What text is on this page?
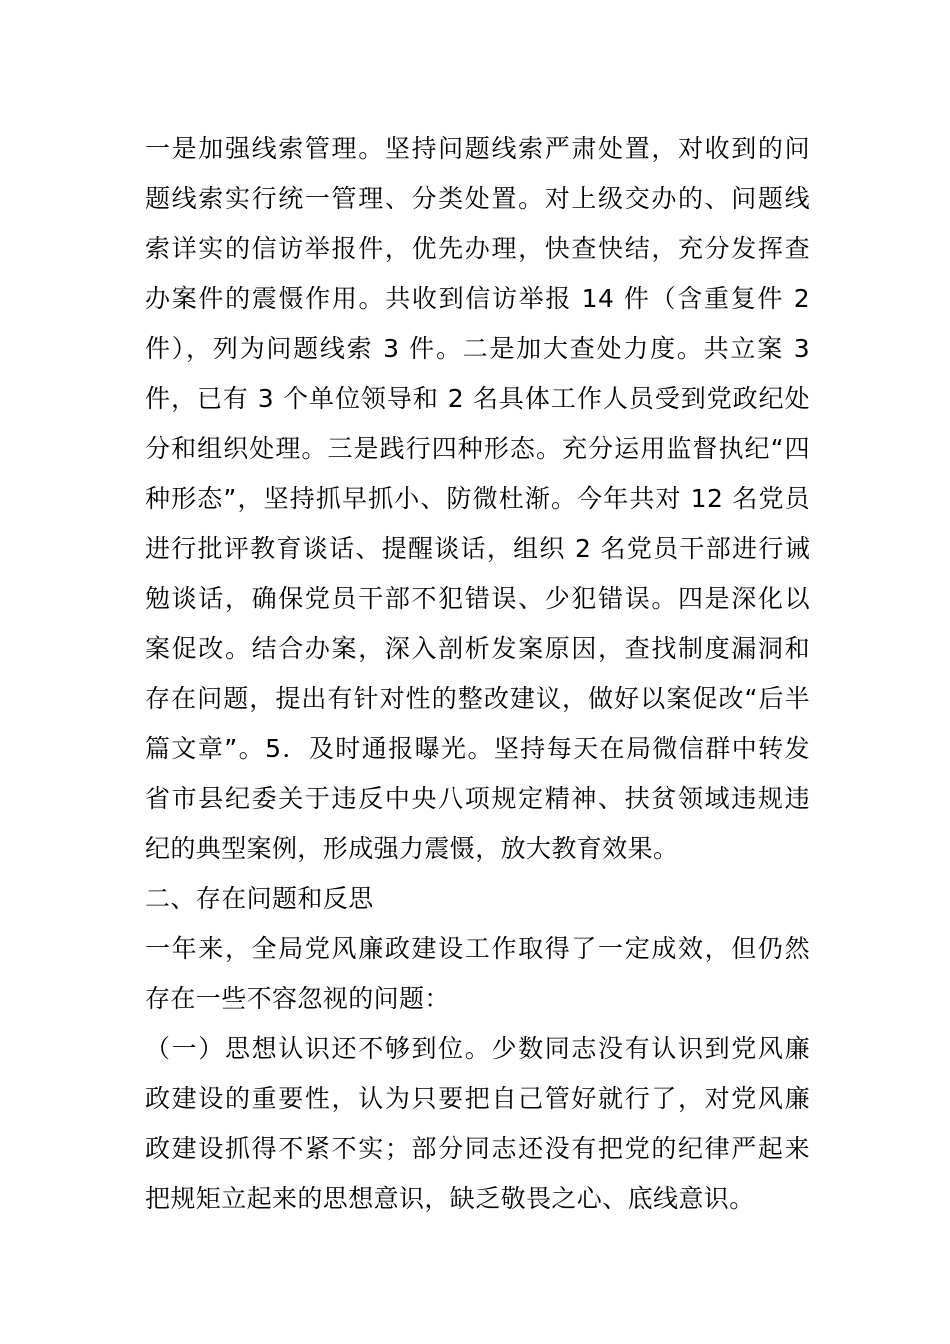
一是加强线索管理。坚持问题线索严肃处置，对收到的问
题线索实行统一管理、分类处置。对上级交办的、问题线
索详实的信访举报件，优先办理，快查快结，充分发挥查
办案件的震慑作用。共收到信访举报 14 件（含重复件 2
件），列为问题线索 3 件。二是加大查处力度。共立案 3
件，已有 3 个单位领导和 2 名具体工作人员受到党政纪处
分和组织处理。三是践行四种形态。充分运用监督执纪“四
种形态”，坚持抓早抓小、防微杜渐。今年共对 12 名党员
进行批评教育谈话、提醒谈话，组织 2 名党员干部进行诫
勉谈话，确保党员干部不犯错误、少犯错误。四是深化以
案促改。结合办案，深入剖析发案原因，查找制度漏洞和
存在问题，提出有针对性的整改建议，做好以案促改“后半
篇文章”。5．及时通报曝光。坚持每天在局微信群中转发
省市县纪委关于违反中央八项规定精神、扶贫领域违规违
纪的典型案例，形成强力震慑，放大教育效果。
二、存在问题和反思
一年来，全局党风廉政建设工作取得了一定成效，但仍然
存在一些不容忽视的问题：
（一）思想认识还不够到位。少数同志没有认识到党风廉
政建设的重要性，认为只要把自己管好就行了，对党风廉
政建设抓得不紧不实；部分同志还没有把党的纪律严起来
把规矩立起来的思想意识，缺乏敬畏之心、底线意识。
